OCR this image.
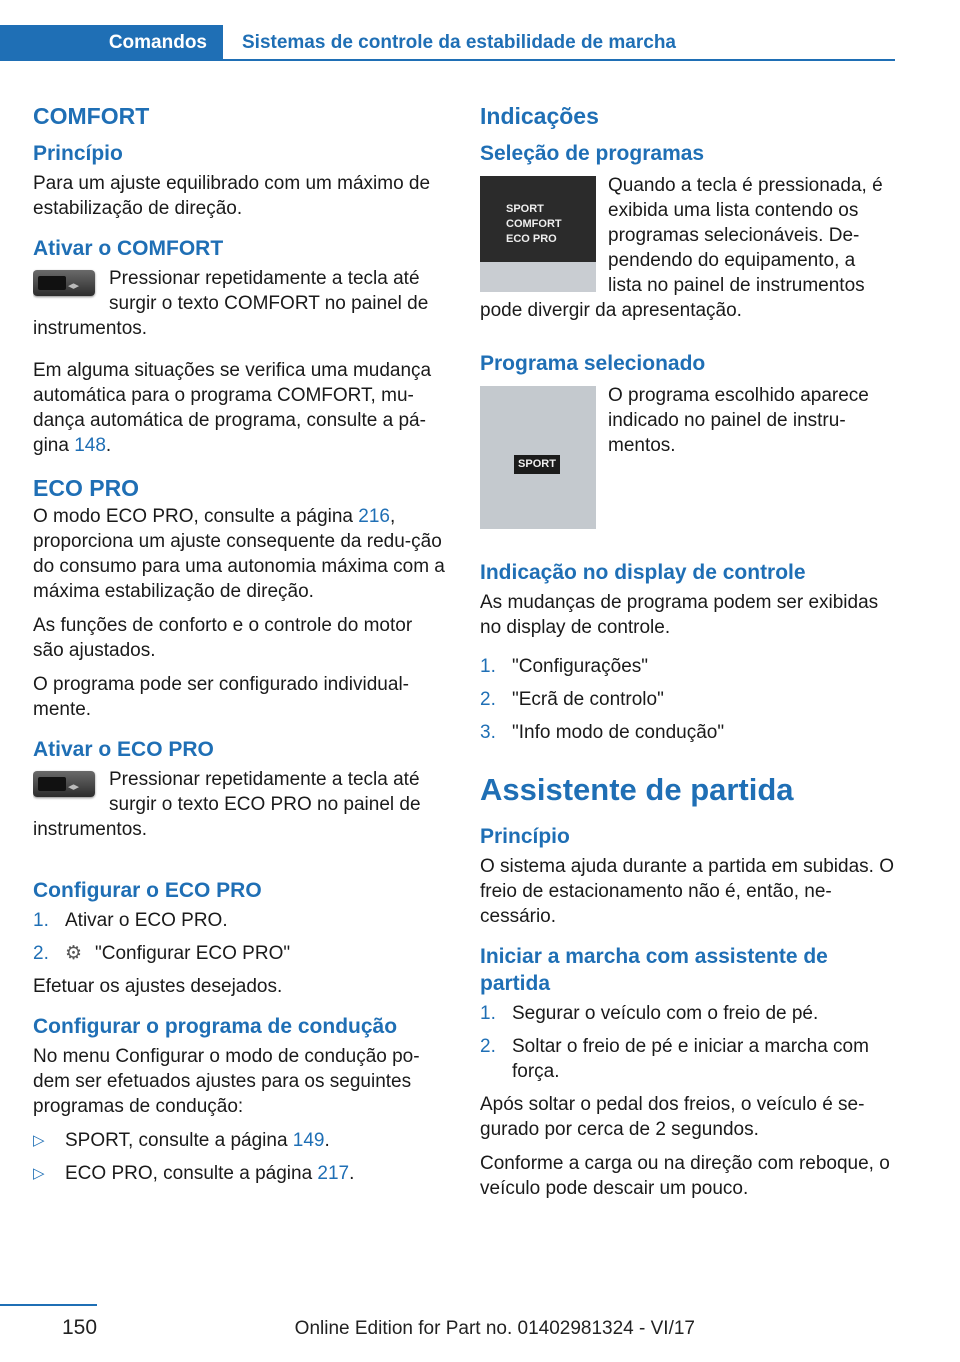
Comandos	Sistemas de controle da estabilidade de marcha
COMFORT
Princípio

Para um ajuste equilibrado com um máximo de estabilização de direção.

Ativar o COMFORT
◂▸

Pressionar repetidamente a tecla até surgir o texto COMFORT no painel de instrumentos.

Em alguma situações se verifica uma mudança automática para o programa COMFORT, mu-dança automática de programa, consulte a pá-gina 148.

ECO PRO

O modo ECO PRO, consulte a página 216, proporciona um ajuste consequente da redu-ção do consumo para uma autonomia máxima com a máxima estabilização de direção.

As funções de conforto e o controle do motor são ajustados.

O programa pode ser configurado individual-mente.

Ativar o ECO PRO
◂▸

Pressionar repetidamente a tecla até surgir o texto ECO PRO no painel de instrumentos.

Configurar o ECO PRO
1. Ativar o ECO PRO.
2. ⚙ "Configurar ECO PRO"

Efetuar os ajustes desejados.

Configurar o programa de condução

No menu Configurar o modo de condução po-dem ser efetuados ajustes para os seguintes programas de condução:

▷	SPORT, consulte a página 149.
▷	ECO PRO, consulte a página 217.
Indicações
Seleção de programas
SPORT
COMFORT
ECO PRO

Quando a tecla é pressionada, é exibida uma lista contendo os programas selecionáveis. De-pendendo do equipamento, a lista no painel de instrumentos pode divergir da apresentação.

Programa selecionado
SPORT

O programa escolhido aparece indicado no painel de instru-mentos.

Indicação no display de controle

As mudanças de programa podem ser exibidas no display de controle.

1. "Configurações"
2. "Ecrã de controlo"
3. "Info modo de condução"
Assistente de partida
Princípio

O sistema ajuda durante a partida em subidas. O freio de estacionamento não é, então, ne-cessário.

Iniciar a marcha com assistente de partida
1. Segurar o veículo com o freio de pé.
2. Soltar o freio de pé e iniciar a marcha com força.

Após soltar o pedal dos freios, o veículo é se-gurado por cerca de 2 segundos.

Conforme a carga ou na direção com reboque, o veículo pode descair um pouco.

150	Online Edition for Part no. 01402981324 - VI/17
